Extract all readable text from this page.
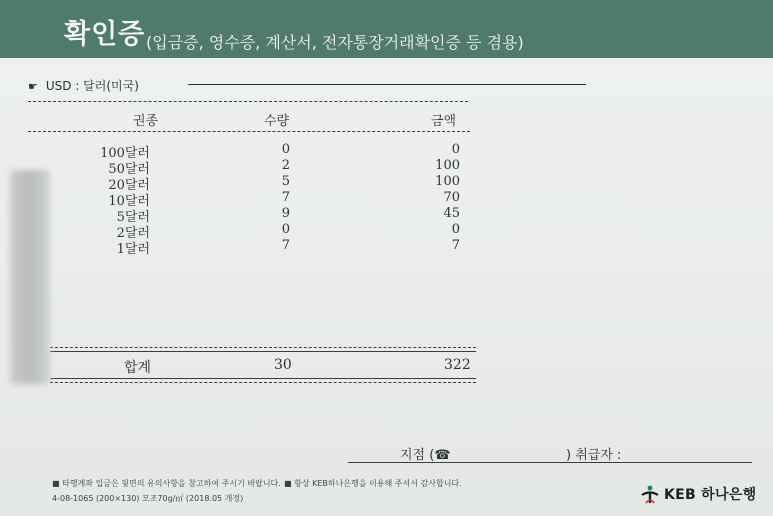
확인증 (입금증, 영수증, 계산서, 전자통장거래확인증 등 겸용)
☛ USD : 달러(미국)
권종	수량	금액
100달러	0	0
50달러	2	100
20달러	5	100
10달러	7	70
5달러	9	45
2달러	0	0
1달러	7	7
합계	30	322
지점 (☎	) 취급자 :
■ 타행계좌 입금은 뒷면의 유의사항을 참고하여 주시기 바랍니다. ■ 항상 KEB하나은행을 이용해 주셔서 감사합니다.
4-08-1065 (200×130) 모조70g/㎡ (2018.05 개정)	KEB 하나은행
